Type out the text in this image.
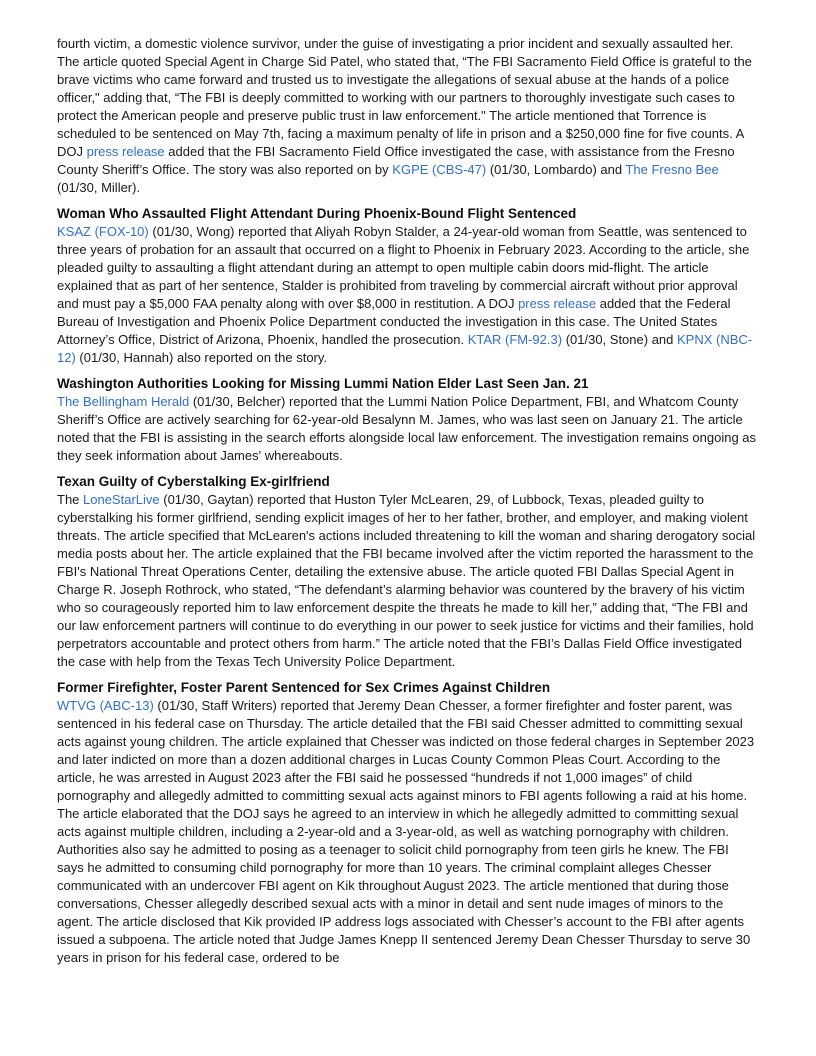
fourth victim, a domestic violence survivor, under the guise of investigating a prior incident and sexually assaulted her. The article quoted Special Agent in Charge Sid Patel, who stated that, “The FBI Sacramento Field Office is grateful to the brave victims who came forward and trusted us to investigate the allegations of sexual abuse at the hands of a police officer," adding that, “The FBI is deeply committed to working with our partners to thoroughly investigate such cases to protect the American people and preserve public trust in law enforcement." The article mentioned that Torrence is scheduled to be sentenced on May 7th, facing a maximum penalty of life in prison and a $250,000 fine for five counts. A DOJ press release added that the FBI Sacramento Field Office investigated the case, with assistance from the Fresno County Sheriff’s Office. The story was also reported on by KGPE (CBS-47) (01/30, Lombardo) and The Fresno Bee (01/30, Miller).

Woman Who Assaulted Flight Attendant During Phoenix-Bound Flight Sentenced

KSAZ (FOX-10) (01/30, Wong) reported that Aliyah Robyn Stalder, a 24-year-old woman from Seattle, was sentenced to three years of probation for an assault that occurred on a flight to Phoenix in February 2023. According to the article, she pleaded guilty to assaulting a flight attendant during an attempt to open multiple cabin doors mid-flight. The article explained that as part of her sentence, Stalder is prohibited from traveling by commercial aircraft without prior approval and must pay a $5,000 FAA penalty along with over $8,000 in restitution. A DOJ press release added that the Federal Bureau of Investigation and Phoenix Police Department conducted the investigation in this case. The United States Attorney’s Office, District of Arizona, Phoenix, handled the prosecution. KTAR (FM-92.3) (01/30, Stone) and KPNX (NBC-12) (01/30, Hannah) also reported on the story.

Washington Authorities Looking for Missing Lummi Nation Elder Last Seen Jan. 21

The Bellingham Herald (01/30, Belcher) reported that the Lummi Nation Police Department, FBI, and Whatcom County Sheriff’s Office are actively searching for 62-year-old Besalynn M. James, who was last seen on January 21. The article noted that the FBI is assisting in the search efforts alongside local law enforcement. The investigation remains ongoing as they seek information about James' whereabouts.

Texan Guilty of Cyberstalking Ex-girlfriend

The LoneStarLive (01/30, Gaytan) reported that Huston Tyler McLearen, 29, of Lubbock, Texas, pleaded guilty to cyberstalking his former girlfriend, sending explicit images of her to her father, brother, and employer, and making violent threats. The article specified that McLearen's actions included threatening to kill the woman and sharing derogatory social media posts about her. The article explained that the FBI became involved after the victim reported the harassment to the FBI's National Threat Operations Center, detailing the extensive abuse. The article quoted FBI Dallas Special Agent in Charge R. Joseph Rothrock, who stated, “The defendant’s alarming behavior was countered by the bravery of his victim who so courageously reported him to law enforcement despite the threats he made to kill her,” adding that, “The FBI and our law enforcement partners will continue to do everything in our power to seek justice for victims and their families, hold perpetrators accountable and protect others from harm.” The article noted that the FBI’s Dallas Field Office investigated the case with help from the Texas Tech University Police Department.

Former Firefighter, Foster Parent Sentenced for Sex Crimes Against Children

WTVG (ABC-13) (01/30, Staff Writers) reported that Jeremy Dean Chesser, a former firefighter and foster parent, was sentenced in his federal case on Thursday. The article detailed that the FBI said Chesser admitted to committing sexual acts against young children. The article explained that Chesser was indicted on those federal charges in September 2023 and later indicted on more than a dozen additional charges in Lucas County Common Pleas Court. According to the article, he was arrested in August 2023 after the FBI said he possessed “hundreds if not 1,000 images” of child pornography and allegedly admitted to committing sexual acts against minors to FBI agents following a raid at his home. The article elaborated that the DOJ says he agreed to an interview in which he allegedly admitted to committing sexual acts against multiple children, including a 2-year-old and a 3-year-old, as well as watching pornography with children. Authorities also say he admitted to posing as a teenager to solicit child pornography from teen girls he knew. The FBI says he admitted to consuming child pornography for more than 10 years. The criminal complaint alleges Chesser communicated with an undercover FBI agent on Kik throughout August 2023. The article mentioned that during those conversations, Chesser allegedly described sexual acts with a minor in detail and sent nude images of minors to the agent. The article disclosed that Kik provided IP address logs associated with Chesser’s account to the FBI after agents issued a subpoena. The article noted that Judge James Knepp II sentenced Jeremy Dean Chesser Thursday to serve 30 years in prison for his federal case, ordered to be
